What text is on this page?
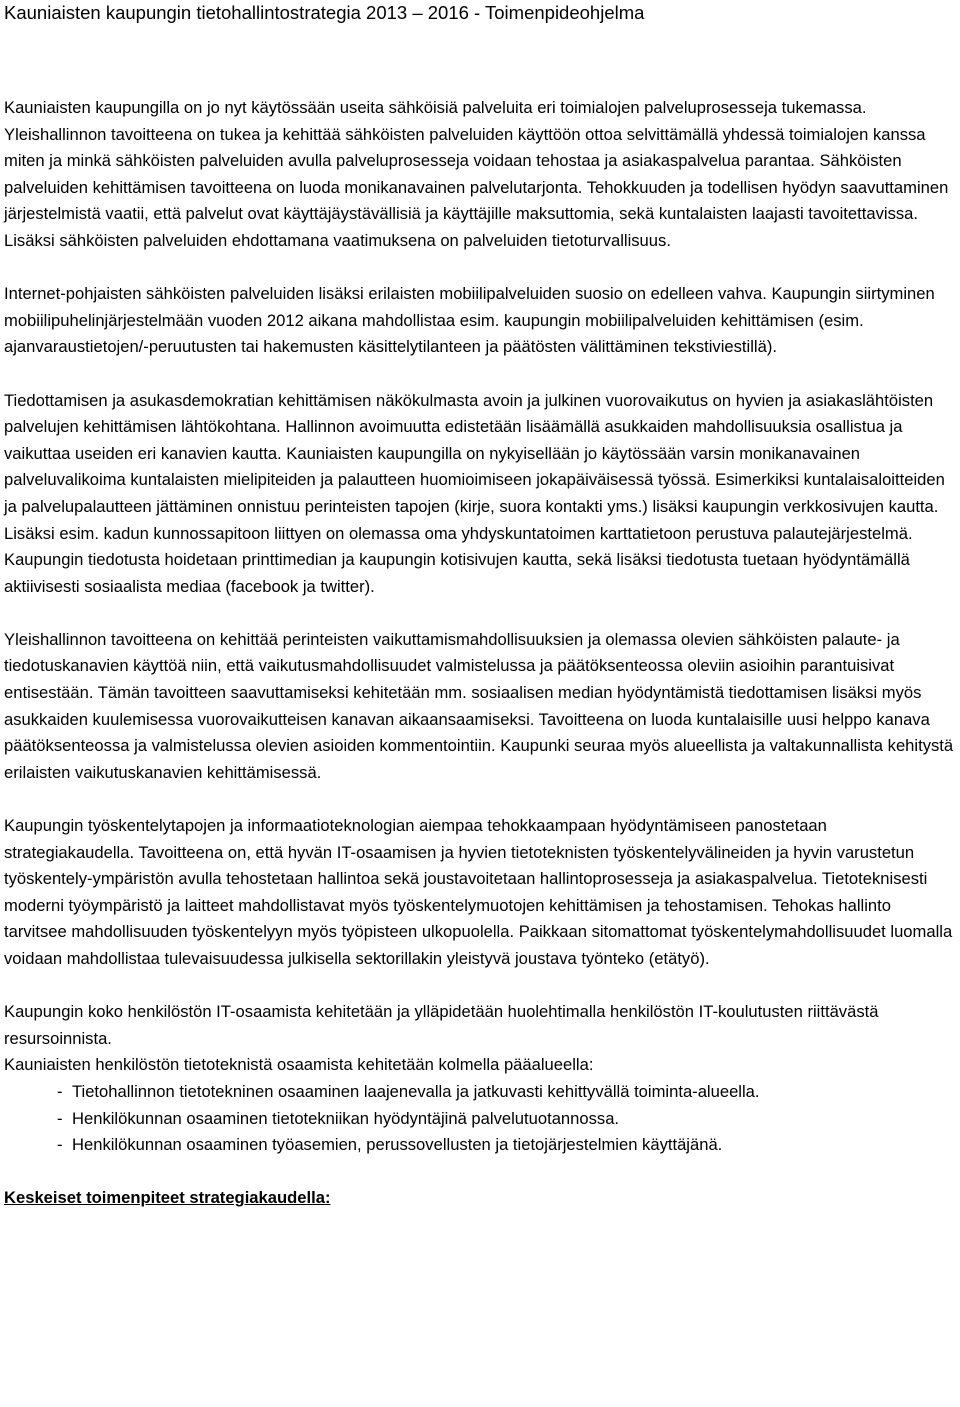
Kauniaisten kaupungin tietohallintostrategia 2013 – 2016 - Toimenpideohjelma

Kauniaisten kaupungilla on jo nyt käytössään useita sähköisiä palveluita eri toimialojen palveluprosesseja tukemassa. Yleishallinnon tavoitteena on tukea ja kehittää sähköisten palveluiden käyttöön ottoa selvittämällä yhdessä toimialojen kanssa miten ja minkä sähköisten palveluiden avulla palveluprosesseja voidaan tehostaa ja asiakaspalvelua parantaa. Sähköisten palveluiden kehittämisen tavoitteena on luoda monikanavainen palvelutarjonta. Tehokkuuden ja todellisen hyödyn saavuttaminen järjestelmistä vaatii, että palvelut ovat käyttäjäystävällisiä ja käyttäjille maksuttomia, sekä kuntalaisten laajasti tavoitettavissa. Lisäksi sähköisten palveluiden ehdottamana vaatimuksena on palveluiden tietoturvallisuus.

Internet-pohjaisten sähköisten palveluiden lisäksi erilaisten mobiilipalveluiden suosio on edelleen vahva. Kaupungin siirtyminen mobiilipuhelinjärjestelmään vuoden 2012 aikana mahdollistaa esim. kaupungin mobiilipalveluiden kehittämisen (esim. ajanvaraustietojen/-peruutusten tai hakemusten käsittelytilanteen ja päätösten välittäminen tekstiviestillä).

Tiedottamisen ja asukasdemokratian kehittämisen näkökulmasta avoin ja julkinen vuorovaikutus on hyvien ja asiakaslähtöisten palvelujen kehittämisen lähtökohtana. Hallinnon avoimuutta edistetään lisäämällä asukkaiden mahdollisuuksia osallistua ja vaikuttaa useiden eri kanavien kautta. Kauniaisten kaupungilla on nykyisellään jo käytössään varsin monikanavainen palveluvalikoima kuntalaisten mielipiteiden ja palautteen huomioimiseen jokapäiväisessä työssä. Esimerkiksi kuntalaisaloitteiden ja palvelupalautteen jättäminen onnistuu perinteisten tapojen (kirje, suora kontakti yms.) lisäksi kaupungin verkkosivujen kautta. Lisäksi esim. kadun kunnossapitoon liittyen on olemassa oma yhdyskuntatoimen karttatietoon perustuva palautejärjestelmä. Kaupungin tiedotusta hoidetaan printtimedian ja kaupungin kotisivujen kautta, sekä lisäksi tiedotusta tuetaan hyödyntämällä aktiivisesti sosiaalista mediaa (facebook ja twitter).

Yleishallinnon tavoitteena on kehittää perinteisten vaikuttamismahdollisuuksien ja olemassa olevien sähköisten palaute- ja tiedotuskanavien käyttöä niin, että vaikutusmahdollisuudet valmistelussa ja päätöksenteossa oleviin asioihin parantuisivat entisestään. Tämän tavoitteen saavuttamiseksi kehitetään mm. sosiaalisen median hyödyntämistä tiedottamisen lisäksi myös asukkaiden kuulemisessa vuorovaikutteisen kanavan aikaansaamiseksi. Tavoitteena on luoda kuntalaisille uusi helppo kanava päätöksenteossa ja valmistelussa olevien asioiden kommentointiin. Kaupunki seuraa myös alueellista ja valtakunnallista kehitystä erilaisten vaikutuskanavien kehittämisessä.

Kaupungin työskentelytapojen ja informaatioteknologian aiempaa tehokkaampaan hyödyntämiseen panostetaan strategiakaudella. Tavoitteena on, että hyvän IT-osaamisen ja hyvien tietoteknisten työskentelyvälineiden ja hyvin varustetun työskentely-ympäristön avulla tehostetaan hallintoa sekä joustavoitetaan hallintoprosesseja ja asiakaspalvelua. Tietoteknisesti moderni työympäristö ja laitteet mahdollistavat myös työskentelymuotojen kehittämisen ja tehostamisen. Tehokas hallinto tarvitsee mahdollisuuden työskentelyyn myös työpisteen ulkopuolella. Paikkaan sitomattomat työskentelymahdollisuudet luomalla voidaan mahdollistaa tulevaisuudessa julkisella sektorillakin yleistyvä joustava työnteko (etätyö).

Kaupungin koko henkilöstön IT-osaamista kehitetään ja ylläpidetään huolehtimalla henkilöstön IT-koulutusten riittävästä resursoinnista.

Kauniaisten henkilöstön tietoteknistä osaamista kehitetään kolmella pääalueella:

- Tietohallinnon tietotekninen osaaminen laajenevalla ja jatkuvasti kehittyvällä toiminta-alueella.
- Henkilökunnan osaaminen tietotekniikan hyödyntäjinä palvelutuotannossa.
- Henkilökunnan osaaminen työasemien, perussovellusten ja tietojärjestelmien käyttäjänä.

Keskeiset toimenpiteet strategiakaudella:
